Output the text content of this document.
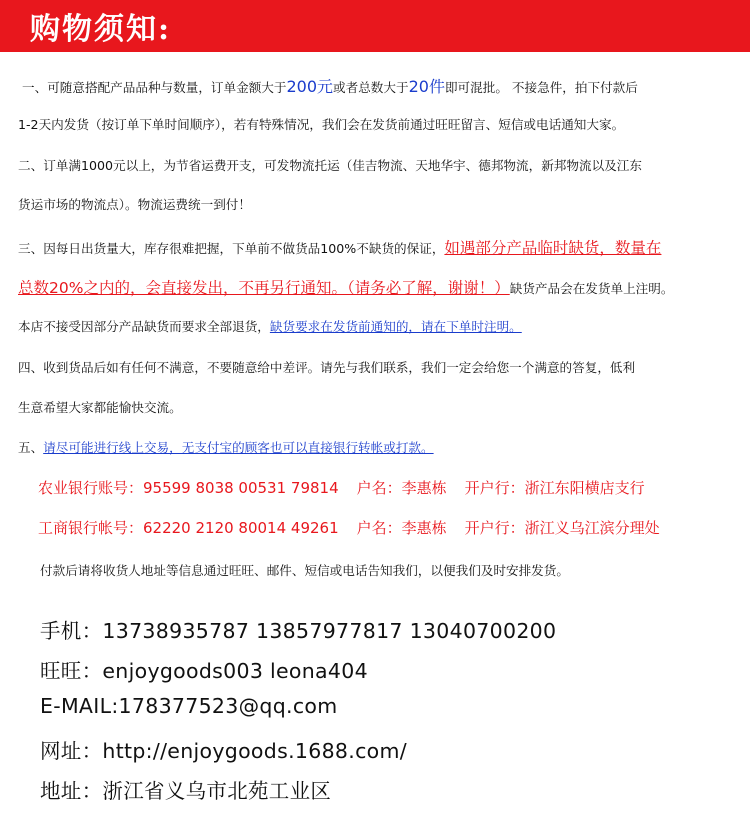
购物须知:
一、可随意搭配产品品种与数量，订单金额大于200元或者总数大于20件即可混批。 不接急件，拍下付款后
1-2天内发货（按订单下单时间顺序），若有特殊情况，我们会在发货前通过旺旺留言、短信或电话通知大家。
二、订单满1000元以上，为节省运费开支，可发物流托运（佳吉物流、天地华宇、德邦物流，新邦物流以及江东
货运市场的物流点）。物流运费统一到付！
三、因每日出货量大，库存很难把握，下单前不做货品100%不缺货的保证，如遇部分产品临时缺货，数量在
总数20%之内的，会直接发出，不再另行通知。（请务必了解，谢谢！）缺货产品会在发货单上注明。
本店不接受因部分产品缺货而要求全部退货，缺货要求在发货前通知的，请在下单时注明。
四、收到货品后如有任何不满意，不要随意给中差评。请先与我们联系，我们一定会给您一个满意的答复，低利
生意希望大家都能愉快交流。
五、请尽可能进行线上交易，无支付宝的顾客也可以直接银行转帐或打款。
农业银行账号：95599 8038 00531 79814 户名：李惠栋 开户行：浙江东阳横店支行
工商银行帐号：62220 2120 80014 49261 户名：李惠栋 开户行：浙江义乌江滨分理处
付款后请将收货人地址等信息通过旺旺、邮件、短信或电话告知我们，以便我们及时安排发货。
手机：13738935787 13857977817 13040700200
旺旺：enjoygoods003 leona404
E-MAIL:178377523@qq.com
网址：http://enjoygoods.1688.com/
地址：浙江省义乌市北苑工业区
